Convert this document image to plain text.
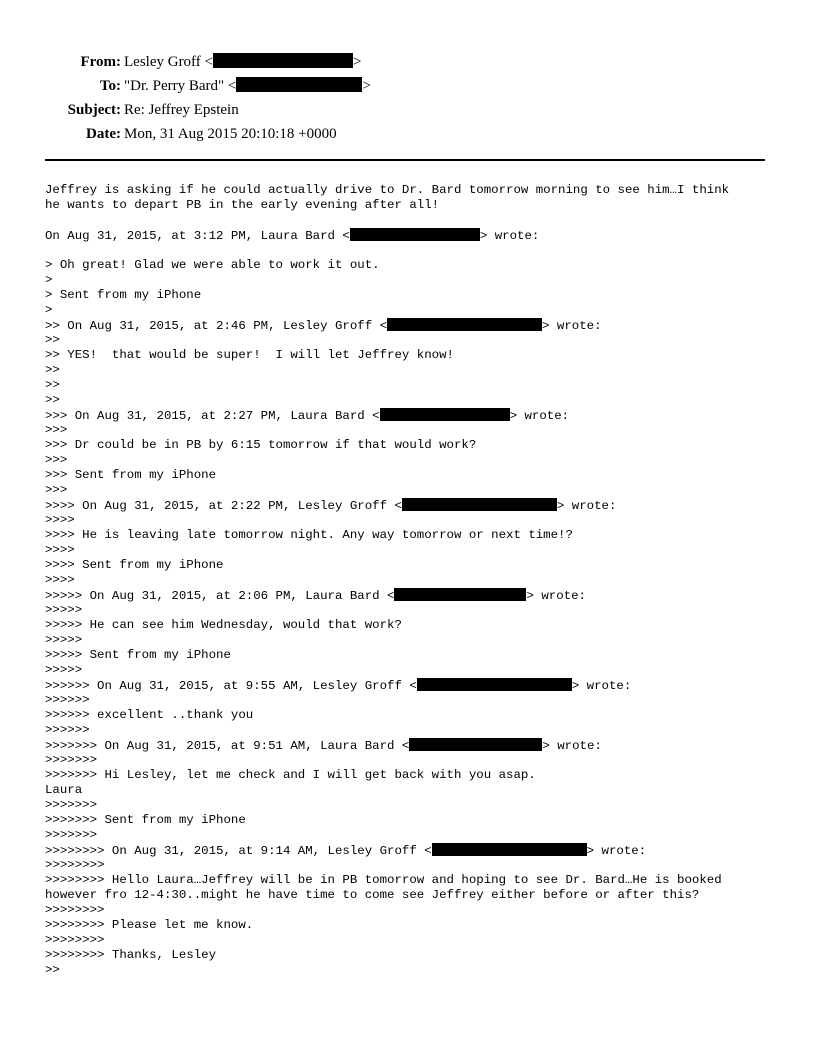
From: Lesley Groff <	>
To: "Dr. Perry Bard" <	>
Subject: Re: Jeffrey Epstein
Date: Mon, 31 Aug 2015 20:10:18 +0000
Jeffrey is asking if he could actually drive to Dr. Bard tomorrow morning to see him…I think
he wants to depart PB in the early evening after all!
On Aug 31, 2015, at 3:12 PM, Laura Bard <	> wrote:
> Oh great! Glad we were able to work it out.
>
> Sent from my iPhone
>
>> On Aug 31, 2015, at 2:46 PM, Lesley Groff <	> wrote:
>>
>> YES!  that would be super!  I will let Jeffrey know!
>>
>>
>>
>>> On Aug 31, 2015, at 2:27 PM, Laura Bard <	> wrote:
>>>
>>> Dr could be in PB by 6:15 tomorrow if that would work?
>>>
>>> Sent from my iPhone
>>>
>>>> On Aug 31, 2015, at 2:22 PM, Lesley Groff <	> wrote:
>>>>
>>>> He is leaving late tomorrow night. Any way tomorrow or next time!?
>>>>
>>>> Sent from my iPhone
>>>>
>>>>> On Aug 31, 2015, at 2:06 PM, Laura Bard <	> wrote:
>>>>>
>>>>> He can see him Wednesday, would that work?
>>>>>
>>>>> Sent from my iPhone
>>>>>
>>>>>> On Aug 31, 2015, at 9:55 AM, Lesley Groff <	> wrote:
>>>>>>
>>>>>> excellent ..thank you
>>>>>>
>>>>>>> On Aug 31, 2015, at 9:51 AM, Laura Bard <	> wrote:
>>>>>>>
>>>>>>> Hi Lesley, let me check and I will get back with you asap.
Laura
>>>>>>>
>>>>>>> Sent from my iPhone
>>>>>>>
>>>>>>>> On Aug 31, 2015, at 9:14 AM, Lesley Groff <	> wrote:
>>>>>>>>
>>>>>>>> Hello Laura…Jeffrey will be in PB tomorrow and hoping to see Dr. Bard…He is booked
however fro 12-4:30..might he have time to come see Jeffrey either before or after this?
>>>>>>>>
>>>>>>>> Please let me know.
>>>>>>>>
>>>>>>>> Thanks, Lesley
>>
